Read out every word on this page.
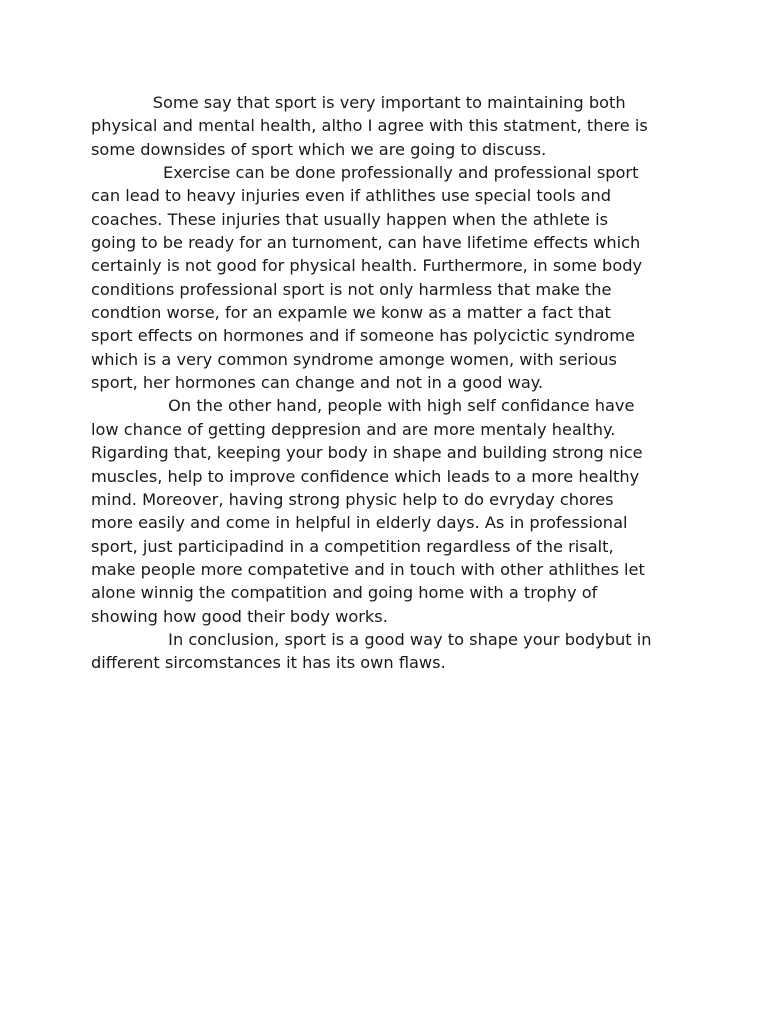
Some say that sport is very important to maintaining both
physical and mental health, altho I agree with this statment, there is
some downsides of sport which we are going to discuss.

Exercise can be done professionally and professional sport
can lead to heavy injuries even if athlithes use special tools and
coaches. These injuries that usually happen when the athlete is
going to be ready for an turnoment, can have lifetime effects which
certainly is not good for physical health. Furthermore, in some body
conditions professional sport is not only harmless that make the
condtion worse, for an expamle we konw as a matter a fact that
sport effects on hormones and if someone has polycictic syndrome
which is a very common syndrome amonge women, with serious
sport, her hormones can change and not in a good way.

On the other hand, people with high self confidance have
low chance of getting deppresion and are more mentaly healthy.
Rigarding that, keeping your body in shape and building strong nice
muscles, help to improve confidence which leads to a more healthy
mind. Moreover, having strong physic help to do evryday chores
more easily and come in helpful in elderly days. As in professional
sport, just participadind in a competition regardless of the risalt,
make people more compatetive and in touch with other athlithes let
alone winnig the compatition and going home with a trophy of
showing how good their body works.

In conclusion, sport is a good way to shape your bodybut in
different sircomstances it has its own flaws.
